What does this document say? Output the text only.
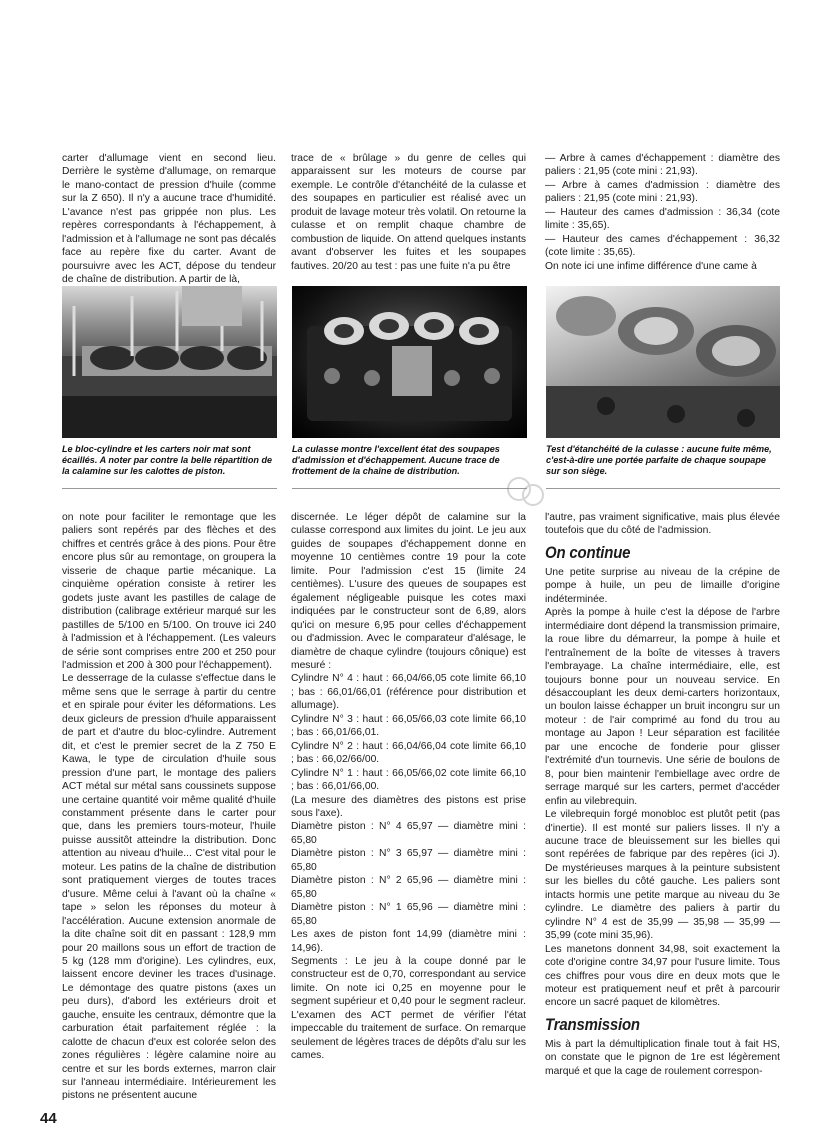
carter d'allumage vient en second lieu. Derrière le système d'allumage, on remarque le mano-contact de pression d'huile (comme sur la Z 650). Il n'y a aucune trace d'humidité. L'avance n'est pas grippée non plus. Les repères correspondants à l'échappement, à l'admission et à l'allumage ne sont pas décalés face au repère fixe du carter. Avant de poursuivre avec les ACT, dépose du tendeur de chaîne de distribution. A partir de là,

trace de « brûlage » du genre de celles qui apparaissent sur les moteurs de course par exemple. Le contrôle d'étanchéité de la culasse et des soupapes en particulier est réalisé avec un produit de lavage moteur très volatil. On retourne la culasse et on remplit chaque chambre de combustion de liquide. On attend quelques instants avant d'observer les fuites et les soupapes fautives. 20/20 au test : pas une fuite n'a pu être

— Arbre à cames d'échappement : diamètre des paliers : 21,95 (cote mini : 21,93).

— Arbre à cames d'admission : diamètre des paliers : 21,95 (cote mini : 21,93).

— Hauteur des cames d'admission : 36,34 (cote limite : 35,65).

— Hauteur des cames d'échappement : 36,32 (cote limite : 35,65).

On note ici une infime différence d'une came à

Le bloc-cylindre et les carters noir mat sont écaillés. A noter par contre la belle répartition de la calamine sur les calottes de piston.
La culasse montre l'excellent état des soupapes d'admission et d'échappement. Aucune trace de frottement de la chaîne de distribution.
Test d'étanchéité de la culasse : aucune fuite même, c'est-à-dire une portée parfaite de chaque soupape sur son siège.

on note pour faciliter le remontage que les paliers sont repérés par des flèches et des chiffres et centrés grâce à des pions. Pour être encore plus sûr au remontage, on groupera la visserie de chaque partie mécanique. La cinquième opération consiste à retirer les godets juste avant les pastilles de calage de distribution (calibrage extérieur marqué sur les pastilles de 5/100 en 5/100. On trouve ici 240 à l'admission et à l'échappement. (Les valeurs de série sont comprises entre 200 et 250 pour l'admission et 200 à 300 pour l'échappement).

Le desserrage de la culasse s'effectue dans le même sens que le serrage à partir du centre et en spirale pour éviter les déformations. Les deux gicleurs de pression d'huile apparaissent de part et d'autre du bloc-cylindre. Autrement dit, et c'est le premier secret de la Z 750 E Kawa, le type de circulation d'huile sous pression d'une part, le montage des paliers ACT métal sur métal sans coussinets suppose une certaine quantité voir même qualité d'huile constamment présente dans le carter pour que, dans les premiers tours-moteur, l'huile puisse aussitôt atteindre la distribution. Donc attention au niveau d'huile... C'est vital pour le moteur. Les patins de la chaîne de distribution sont pratiquement vierges de toutes traces d'usure. Même celui à l'avant où la chaîne « tape » selon les réponses du moteur à l'accélération. Aucune extension anormale de la dite chaîne soit dit en passant : 128,9 mm pour 20 maillons sous un effort de traction de 5 kg (128 mm d'origine). Les cylindres, eux, laissent encore deviner les traces d'usinage. Le démontage des quatre pistons (axes un peu durs), d'abord les extérieurs droit et gauche, ensuite les centraux, démontre que la carburation était parfaitement réglée : la calotte de chacun d'eux est colorée selon des zones régulières : légère calamine noire au centre et sur les bords externes, marron clair sur l'anneau intermédiaire. Intérieurement les pistons ne présentent aucune

discernée. Le léger dépôt de calamine sur la culasse correspond aux limites du joint. Le jeu aux guides de soupapes d'échappement donne en moyenne 10 centièmes contre 19 pour la cote limite. Pour l'admission c'est 15 (limite 24 centièmes). L'usure des queues de soupapes est également négligeable puisque les cotes maxi indiquées par le constructeur sont de 6,89, alors qu'ici on mesure 6,95 pour celles d'échappement ou d'admission. Avec le comparateur d'alésage, le diamètre de chaque cylindre (toujours cônique) est mesuré :

Cylindre N° 4 : haut : 66,04/66,05 cote limite 66,10 ; bas : 66,01/66,01 (référence pour distribution et allumage).

Cylindre N° 3 : haut : 66,05/66,03 cote limite 66,10 ; bas : 66,01/66,01.

Cylindre N° 2 : haut : 66,04/66,04 cote limite 66,10 ; bas : 66,02/66/00.

Cylindre N° 1 : haut : 66,05/66,02 cote limite 66,10 ; bas : 66,01/66,00.

(La mesure des diamètres des pistons est prise sous l'axe).

Diamètre piston : N° 4 65,97 — diamètre mini : 65,80

Diamètre piston : N° 3 65,97 — diamètre mini : 65,80

Diamètre piston : N° 2 65,96 — diamètre mini : 65,80

Diamètre piston : N° 1 65,96 — diamètre mini : 65,80

Les axes de piston font 14,99 (diamètre mini : 14,96).

Segments : Le jeu à la coupe donné par le constructeur est de 0,70, correspondant au service limite. On note ici 0,25 en moyenne pour le segment supérieur et 0,40 pour le segment racleur. L'examen des ACT permet de vérifier l'état impeccable du traitement de surface. On remarque seulement de légères traces de dépôts d'alu sur les cames.

l'autre, pas vraiment significative, mais plus élevée toutefois que du côté de l'admission.

On continue

Une petite surprise au niveau de la crépine de pompe à huile, un peu de limaille d'origine indéterminée.

Après la pompe à huile c'est la dépose de l'arbre intermédiaire dont dépend la transmission primaire, la roue libre du démarreur, la pompe à huile et l'entraînement de la boîte de vitesses à travers l'embrayage. La chaîne intermédiaire, elle, est toujours bonne pour un nouveau service. En désaccouplant les deux demi-carters horizontaux, un boulon laisse échapper un bruit incongru sur un moteur : de l'air comprimé au fond du trou au montage au Japon ! Leur séparation est facilitée par une encoche de fonderie pour glisser l'extrémité d'un tournevis. Une série de boulons de 8, pour bien maintenir l'embiellage avec ordre de serrage marqué sur les carters, permet d'accéder enfin au vilebrequin.

Le vilebrequin forgé monobloc est plutôt petit (pas d'inertie). Il est monté sur paliers lisses. Il n'y a aucune trace de bleuissement sur les bielles qui sont repérées de fabrique par des repères (ici J). De mystérieuses marques à la peinture subsistent sur les bielles du côté gauche. Les paliers sont intacts hormis une petite marque au niveau du 3e cylindre. Le diamètre des paliers à partir du cylindre N° 4 est de 35,99 — 35,98 — 35,99 — 35,99 (cote mini 35,96).

Les manetons donnent 34,98, soit exactement la cote d'origine contre 34,97 pour l'usure limite. Tous ces chiffres pour vous dire en deux mots que le moteur est pratiquement neuf et prêt à parcourir encore un sacré paquet de kilomètres.

Transmission

Mis à part la démultiplication finale tout à fait HS, on constate que le pignon de 1re est légèrement marqué et que la cage de roulement correspon-

44
